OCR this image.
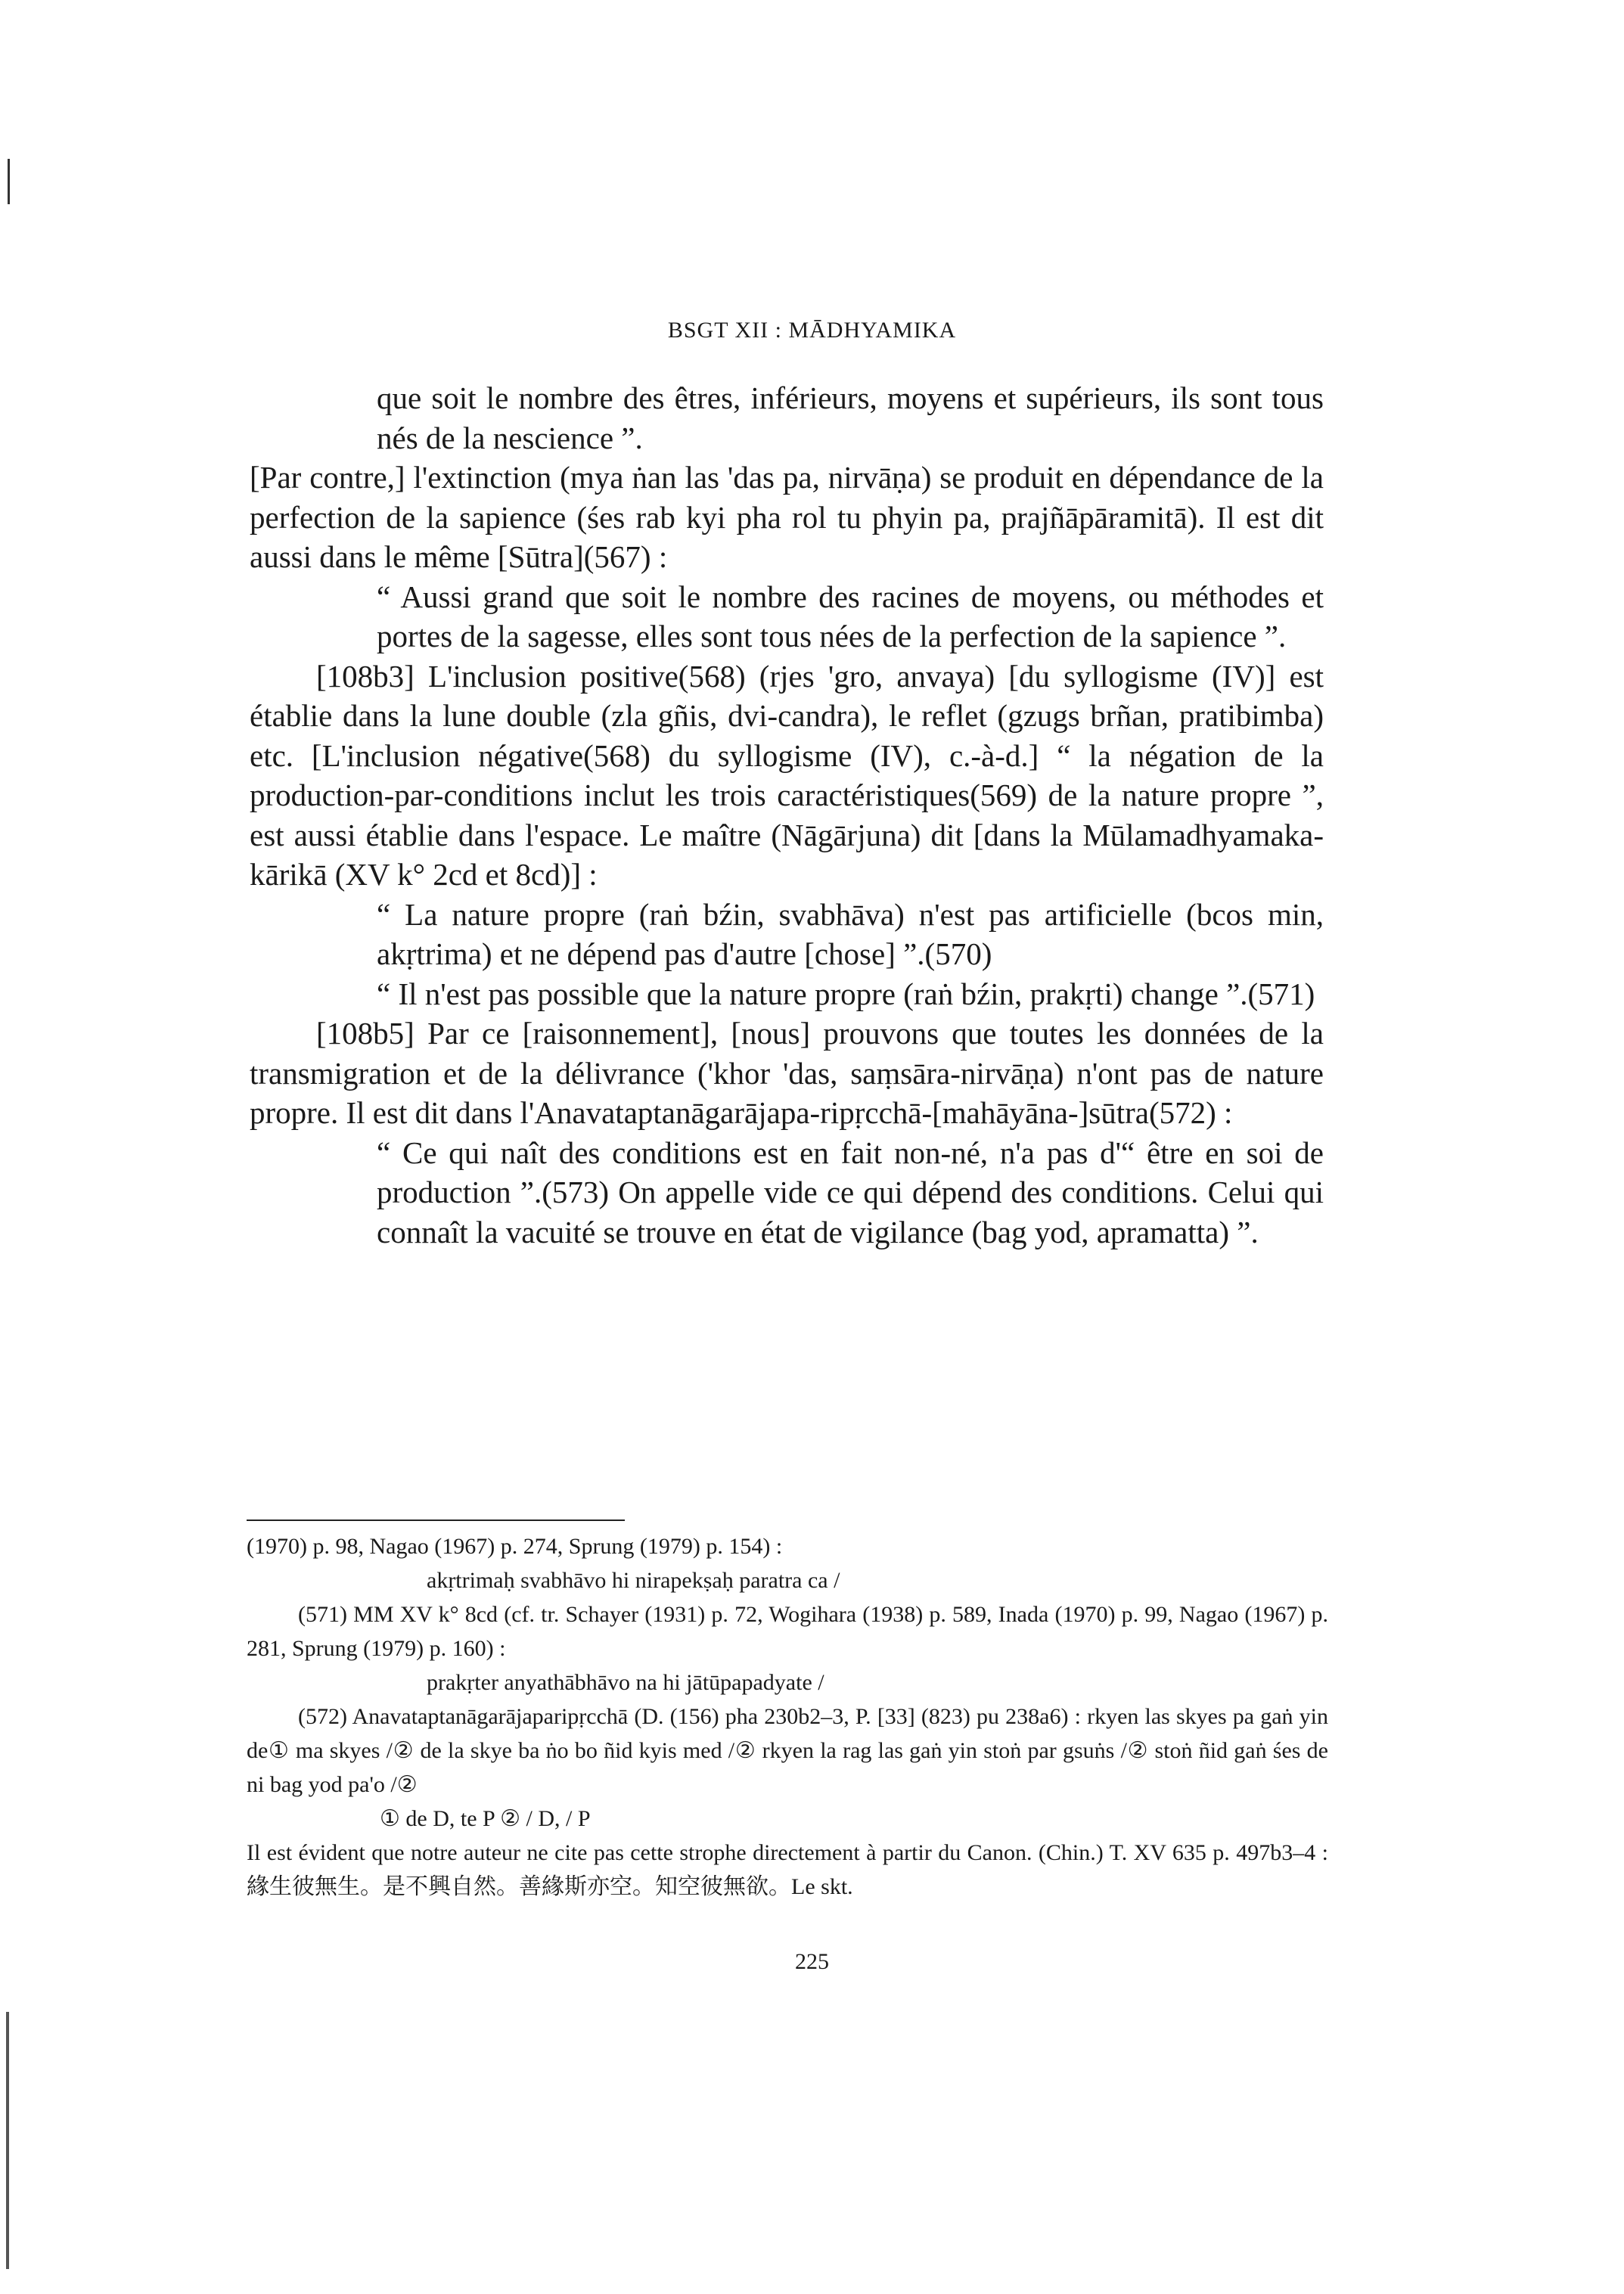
BSGT XII : MĀDHYAMIKA

que soit le nombre des êtres, inférieurs, moyens et supérieurs, ils sont tous nés de la nescience ”.

[Par contre,] l'extinction (mya ṅan las 'das pa, nirvāṇa) se produit en dépendance de la perfection de la sapience (śes rab kyi pha rol tu phyin pa, prajñāpāramitā). Il est dit aussi dans le même [Sūtra](567) :

“ Aussi grand que soit le nombre des racines de moyens, ou méthodes et portes de la sagesse, elles sont tous nées de la perfection de la sapience ”.

[108b3] L'inclusion positive(568) (rjes 'gro, anvaya) [du syllogisme (IV)] est établie dans la lune double (zla gñis, dvi-candra), le reflet (gzugs brñan, pratibimba) etc. [L'inclusion négative(568) du syllogisme (IV), c.-à-d.] “ la négation de la production-par-conditions inclut les trois caractéristiques(569) de la nature propre ”, est aussi établie dans l'espace. Le maître (Nāgārjuna) dit [dans la Mūlamadhyamaka-kārikā (XV k° 2cd et 8cd)] :

“ La nature propre (raṅ bźin, svabhāva) n'est pas artificielle (bcos min, akṛtrima) et ne dépend pas d'autre [chose] ”.(570)

“ Il n'est pas possible que la nature propre (raṅ bźin, prakṛti) change ”.(571)

[108b5] Par ce [raisonnement], [nous] prouvons que toutes les données de la transmigration et de la délivrance ('khor 'das, saṃsāra-nirvāṇa) n'ont pas de nature propre. Il est dit dans l'Anavataptanāgarājapa-ripṛcchā-[mahāyāna-]sūtra(572) :

“ Ce qui naît des conditions est en fait non-né, n'a pas d'“ être en soi de production ”.(573) On appelle vide ce qui dépend des conditions. Celui qui connaît la vacuité se trouve en état de vigilance (bag yod, apramatta) ”.

(1970) p. 98, Nagao (1967) p. 274, Sprung (1979) p. 154) :

akṛtrimaḥ svabhāvo hi nirapekṣaḥ paratra ca /

(571) MM XV k° 8cd (cf. tr. Schayer (1931) p. 72, Wogihara (1938) p. 589, Inada (1970) p. 99, Nagao (1967) p. 281, Sprung (1979) p. 160) :

prakṛter anyathābhāvo na hi jātūpapadyate /

(572) Anavataptanāgarājaparipṛcchā (D. (156) pha 230b2–3, P. [33] (823) pu 238a6) : rkyen las skyes pa gaṅ yin de① ma skyes /② de la skye ba ṅo bo ñid kyis med /② rkyen la rag las gaṅ yin stoṅ par gsuṅs /② stoṅ ñid gaṅ śes de ni bag yod pa'o /②

① de D, te P ② / D, / P

Il est évident que notre auteur ne cite pas cette strophe directement à partir du Canon. (Chin.) T. XV 635 p. 497b3–4 : 緣生彼無生。是不興自然。善緣斯亦空。知空彼無欲。Le skt.

225
